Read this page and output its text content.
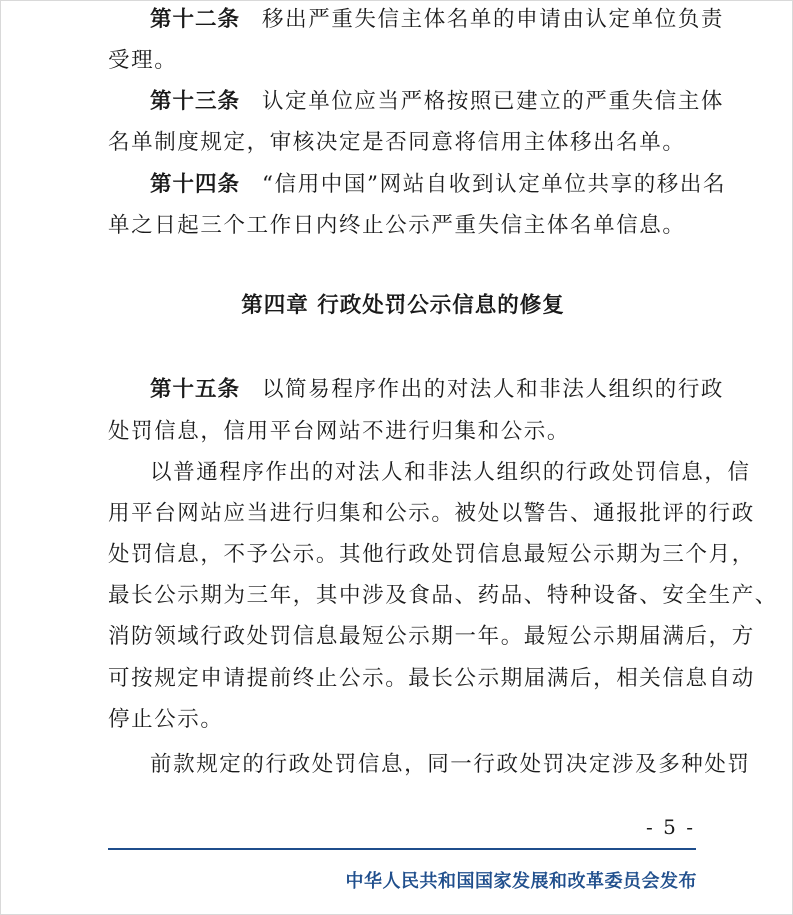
第十二条 移出严重失信主体名单的申请由认定单位负责
受理。
第十三条 认定单位应当严格按照已建立的严重失信主体
名单制度规定，审核决定是否同意将信用主体移出名单。
第十四条 “信用中国”网站自收到认定单位共享的移出名
单之日起三个工作日内终止公示严重失信主体名单信息。
第四章 行政处罚公示信息的修复
第十五条 以简易程序作出的对法人和非法人组织的行政
处罚信息，信用平台网站不进行归集和公示。
以普通程序作出的对法人和非法人组织的行政处罚信息，信
用平台网站应当进行归集和公示。被处以警告、通报批评的行政
处罚信息，不予公示。其他行政处罚信息最短公示期为三个月，
最长公示期为三年，其中涉及食品、药品、特种设备、安全生产、
消防领域行政处罚信息最短公示期一年。最短公示期届满后，方
可按规定申请提前终止公示。最长公示期届满后，相关信息自动
停止公示。
前款规定的行政处罚信息，同一行政处罚决定涉及多种处罚
- 5 -
中华人民共和国国家发展和改革委员会发布
